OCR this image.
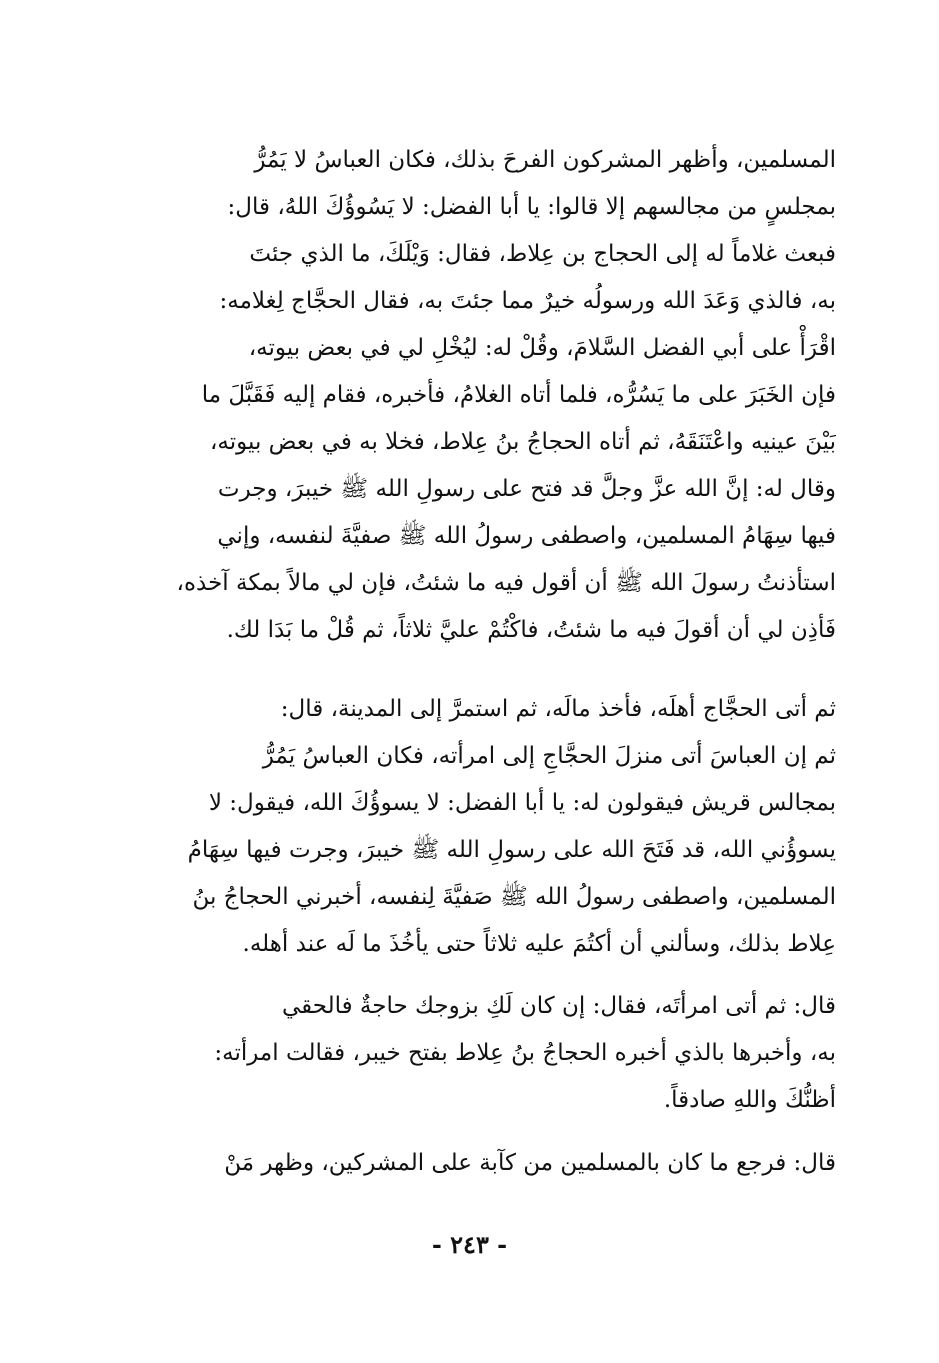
المسلمين، وأظهر المشركون الفرحَ بذلك، فكان العباسُ لا يَمُرُّ
بمجلسٍ من مجالسهم إلا قالوا: يا أبا الفضل: لا يَسُوؤُكَ اللهُ، قال:
فبعث غلاماً له إلى الحجاج بن عِلاط، فقال: وَيْلَكَ، ما الذي جئتَ
به، فالذي وَعَدَ الله ورسولُه خيرٌ مما جئتَ به، فقال الحجَّاج لِغلامه:
اقْرَأْ على أبي الفضل السَّلامَ، وقُلْ له: ليُخْلِ لي في بعض بيوته،
فإن الخَبَرَ على ما يَسُرُّه، فلما أتاه الغلامُ، فأخبره، فقام إليه فَقَبَّلَ ما
بَيْنَ عينيه واعْتَنَقَهُ، ثم أتاه الحجاجُ بنُ عِلاط، فخلا به في بعض بيوته،
وقال له: إنَّ الله عزَّ وجلَّ قد فتح على رسولِ الله ﷺ خيبرَ، وجرت
فيها سِهَامُ المسلمين، واصطفى رسولُ الله ﷺ صفيَّةَ لنفسه، وإني
استأذنتُ رسولَ الله ﷺ أن أقول فيه ما شئتُ، فإن لي مالاً بمكة آخذه،
فَأذِن لي أن أقولَ فيه ما شئتُ، فاكْتُمْ عليَّ ثلاثاً، ثم قُلْ ما بَدَا لك.
ثم أتى الحجَّاج أهلَه، فأخذ مالَه، ثم استمرَّ إلى المدينة، قال:
ثم إن العباسَ أتى منزلَ الحجَّاجِ إلى امرأته، فكان العباسُ يَمُرُّ
بمجالس قريش فيقولون له: يا أبا الفضل: لا يسوؤُكَ الله، فيقول: لا
يسوؤُني الله، قد فَتَحَ الله على رسولِ الله ﷺ خيبرَ، وجرت فيها سِهَامُ
المسلمين، واصطفى رسولُ الله ﷺ صَفيَّةَ لِنفسه، أخبرني الحجاجُ بنُ
عِلاط بذلك، وسألني أن أكتُمَ عليه ثلاثاً حتى يأخُذَ ما لَه عند أهله.
قال: ثم أتى امرأتَه، فقال: إن كان لَكِ بزوجك حاجةٌ فالحقي
به، وأخبرها بالذي أخبره الحجاجُ بنُ عِلاط بفتح خيبر، فقالت امرأته:
أظنُّكَ واللهِ صادقاً.
قال: فرجع ما كان بالمسلمين من كآبة على المشركين، وظهر مَنْ
- ٢٤٣ -
